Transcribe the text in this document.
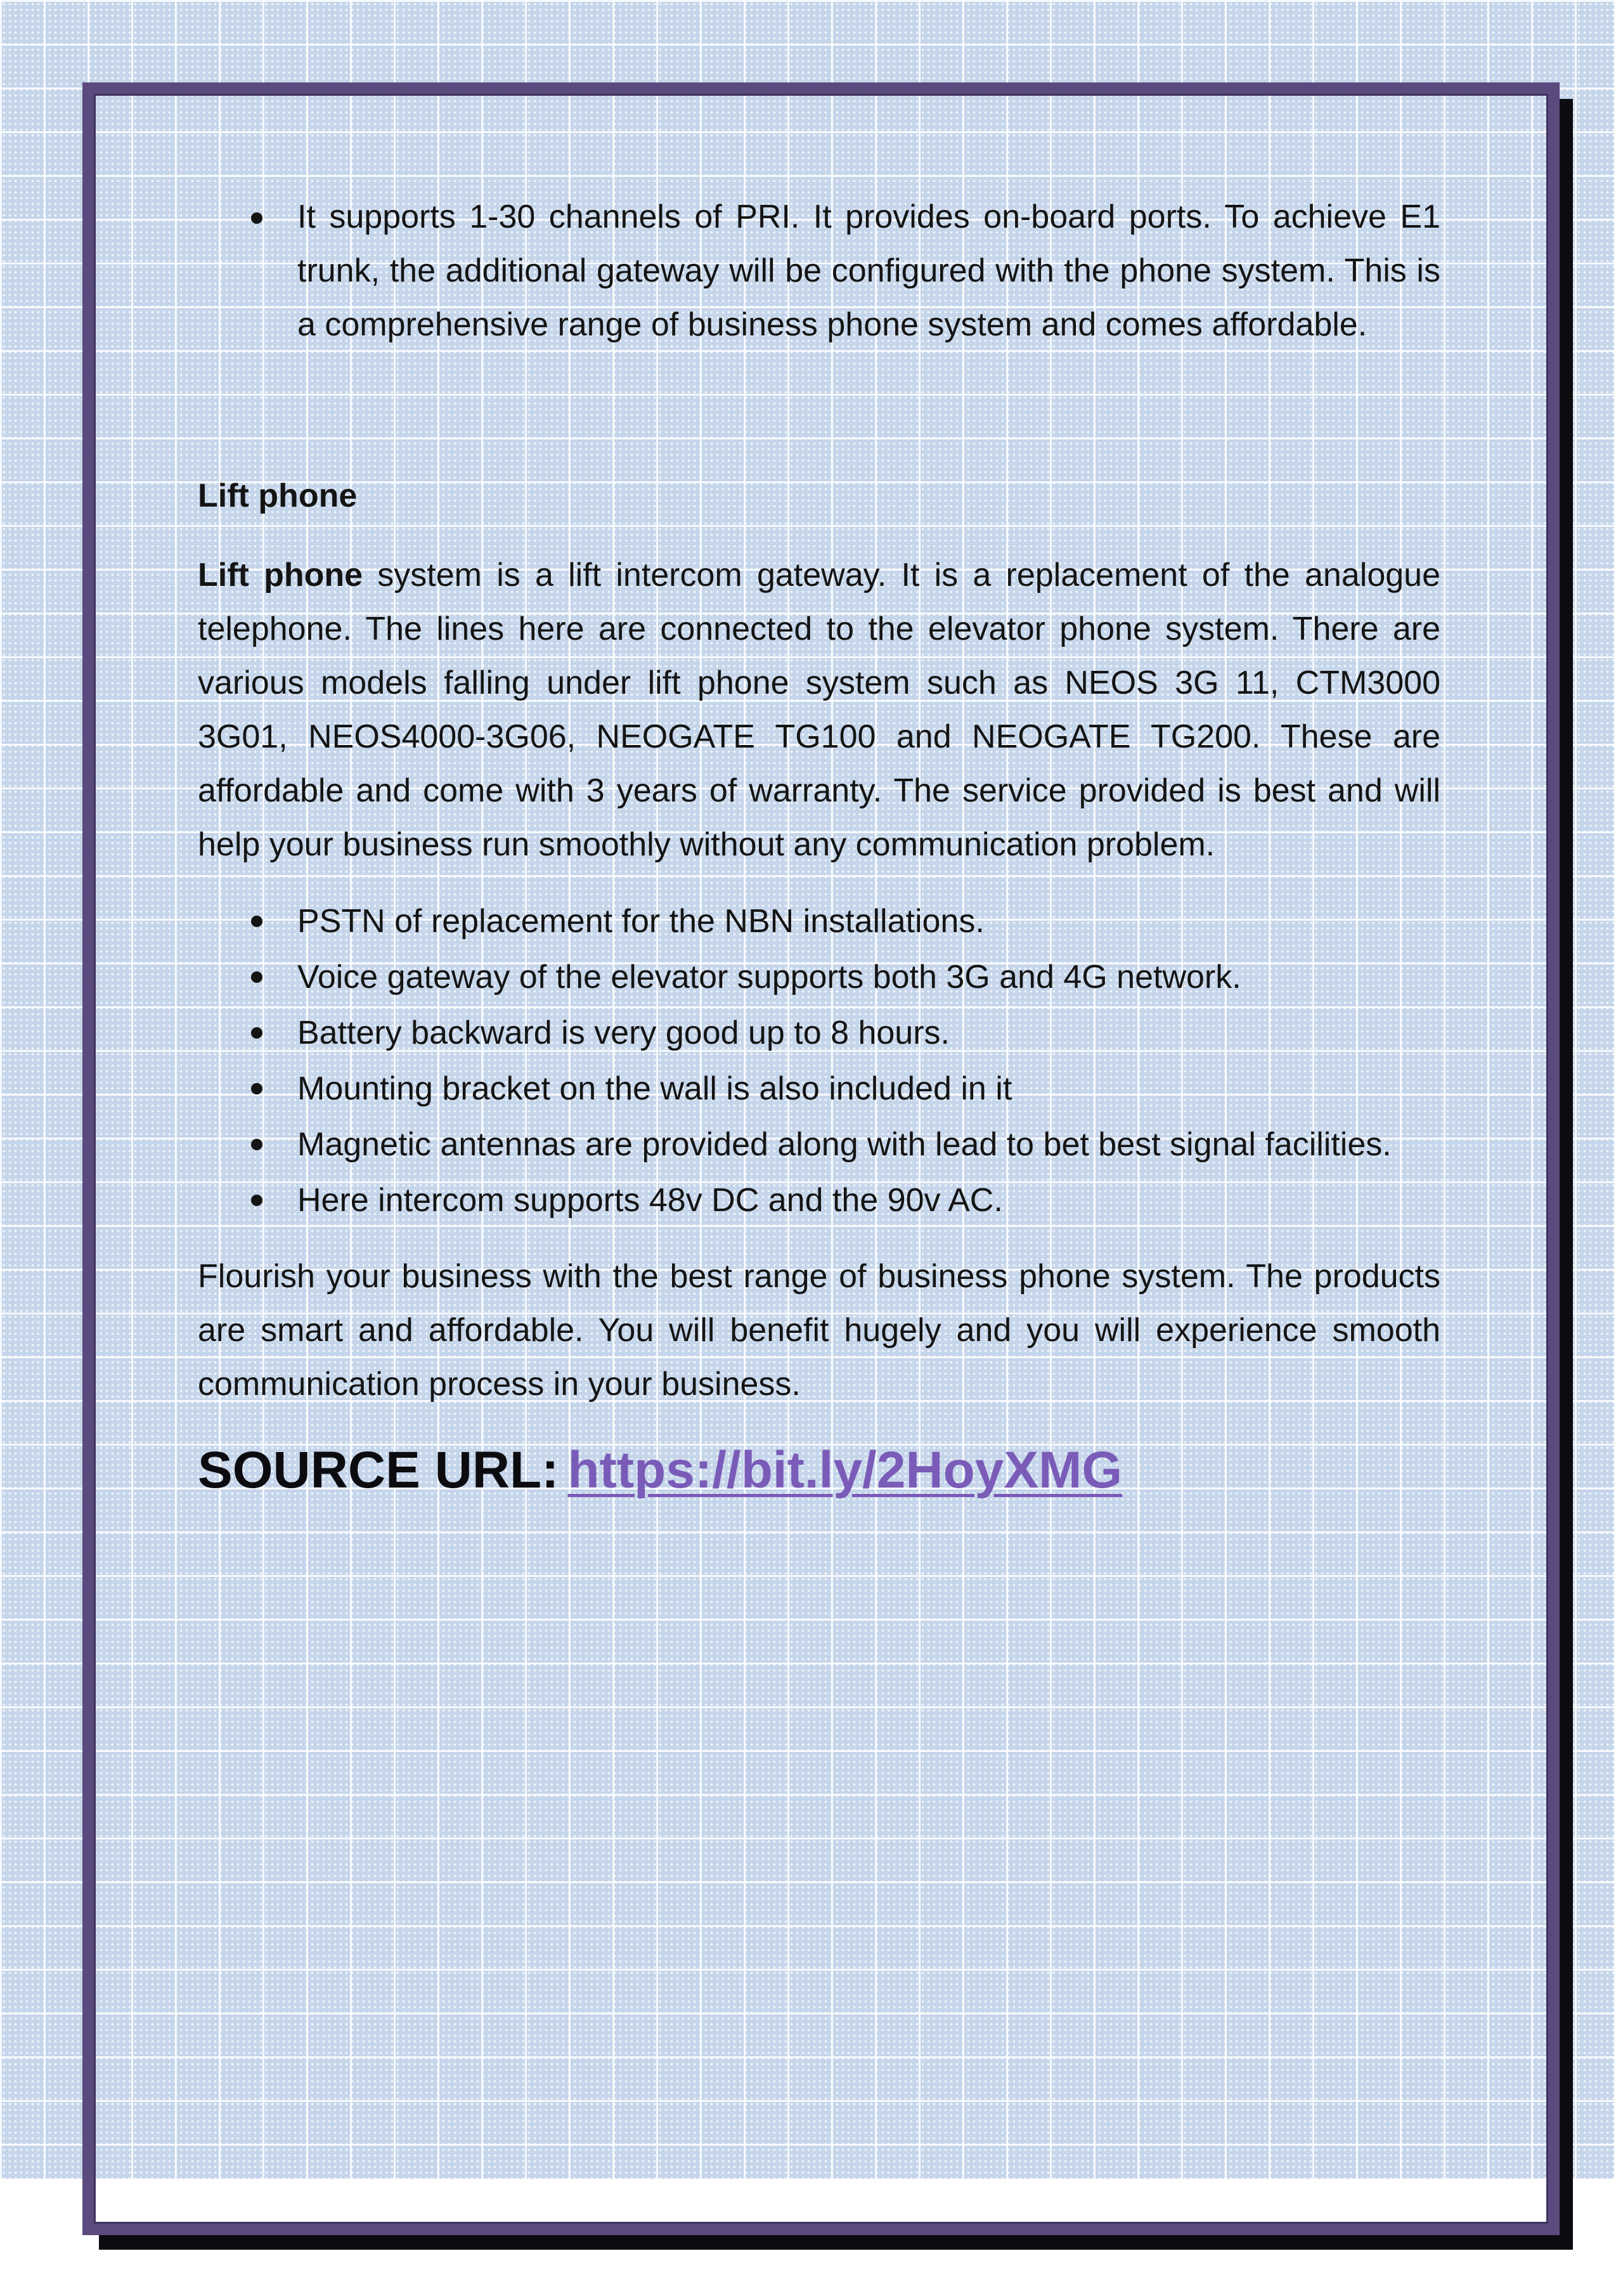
It supports 1-30 channels of PRI. It provides on-board ports. To achieve E1 trunk, the additional gateway will be configured with the phone system. This is a comprehensive range of business phone system and comes affordable.
Lift phone

Lift phone system is a lift intercom gateway. It is a replacement of the analogue telephone. The lines here are connected to the elevator phone system. There are various models falling under lift phone system such as NEOS 3G 11, CTM3000 3G01, NEOS4000-3G06, NEOGATE TG100 and NEOGATE TG200. These are affordable and come with 3 years of warranty. The service provided is best and will help your business run smoothly without any communication problem.

PSTN of replacement for the NBN installations.
Voice gateway of the elevator supports both 3G and 4G network.
Battery backward is very good up to 8 hours.
Mounting bracket on the wall is also included in it
Magnetic antennas are provided along with lead to bet best signal facilities.
Here intercom supports 48v DC and the 90v AC.

Flourish your business with the best range of business phone system. The products are smart and affordable. You will benefit hugely and you will experience smooth communication process in your business.

SOURCE URL: https://bit.ly/2HoyXMG
